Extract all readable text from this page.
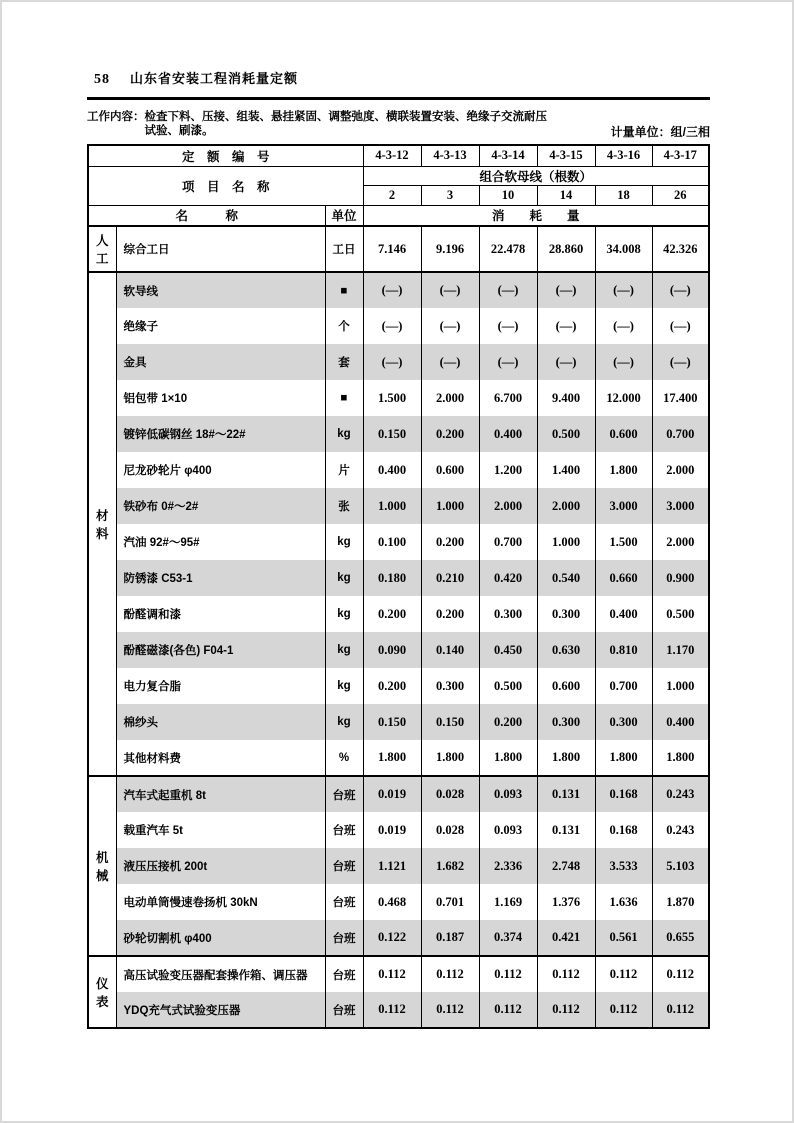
58 山东省安装工程消耗量定额
工作内容： 检查下料、压接、组装、悬挂紧固、调整弛度、横联装置安装、绝缘子交流耐压
试验、刷漆。	计量单位：组/三相
定　额　编　号			4-3-12	4-3-13	4-3-14	4-3-15	4-3-16	4-3-17
项　目　名　称			组合软母线（根数）					
			2	3	10	14	18	26
名　　　称		单位	消　　耗　　量					

人
工	综合工日	工日	7.146	9.196	22.478	28.860	34.008	42.326

材
料	软导线	■	(—)	(—)	(—)	(—)	(—)	(—)
	绝缘子	个	(—)	(—)	(—)	(—)	(—)	(—)
	金具	套	(—)	(—)	(—)	(—)	(—)	(—)
	铝包带 1×10	■	1.500	2.000	6.700	9.400	12.000	17.400
	镀锌低碳钢丝 18#～22#	kg	0.150	0.200	0.400	0.500	0.600	0.700
	尼龙砂轮片 φ400	片	0.400	0.600	1.200	1.400	1.800	2.000
	铁砂布 0#～2#	张	1.000	1.000	2.000	2.000	3.000	3.000
	汽油 92#～95#	kg	0.100	0.200	0.700	1.000	1.500	2.000
	防锈漆 C53-1	kg	0.180	0.210	0.420	0.540	0.660	0.900
	酚醛调和漆	kg	0.200	0.200	0.300	0.300	0.400	0.500
	酚醛磁漆(各色) F04-1	kg	0.090	0.140	0.450	0.630	0.810	1.170
	电力复合脂	kg	0.200	0.300	0.500	0.600	0.700	1.000
	棉纱头	kg	0.150	0.150	0.200	0.300	0.300	0.400
	其他材料费	%	1.800	1.800	1.800	1.800	1.800	1.800

机
械	汽车式起重机 8t	台班	0.019	0.028	0.093	0.131	0.168	0.243
	载重汽车 5t	台班	0.019	0.028	0.093	0.131	0.168	0.243
	液压压接机 200t	台班	1.121	1.682	2.336	2.748	3.533	5.103
	电动单筒慢速卷扬机 30kN	台班	0.468	0.701	1.169	1.376	1.636	1.870
	砂轮切割机 φ400	台班	0.122	0.187	0.374	0.421	0.561	0.655

仪
表	高压试验变压器配套操作箱、调压器	台班	0.112	0.112	0.112	0.112	0.112	0.112
	YDQ充气式试验变压器	台班	0.112	0.112	0.112	0.112	0.112	0.112
